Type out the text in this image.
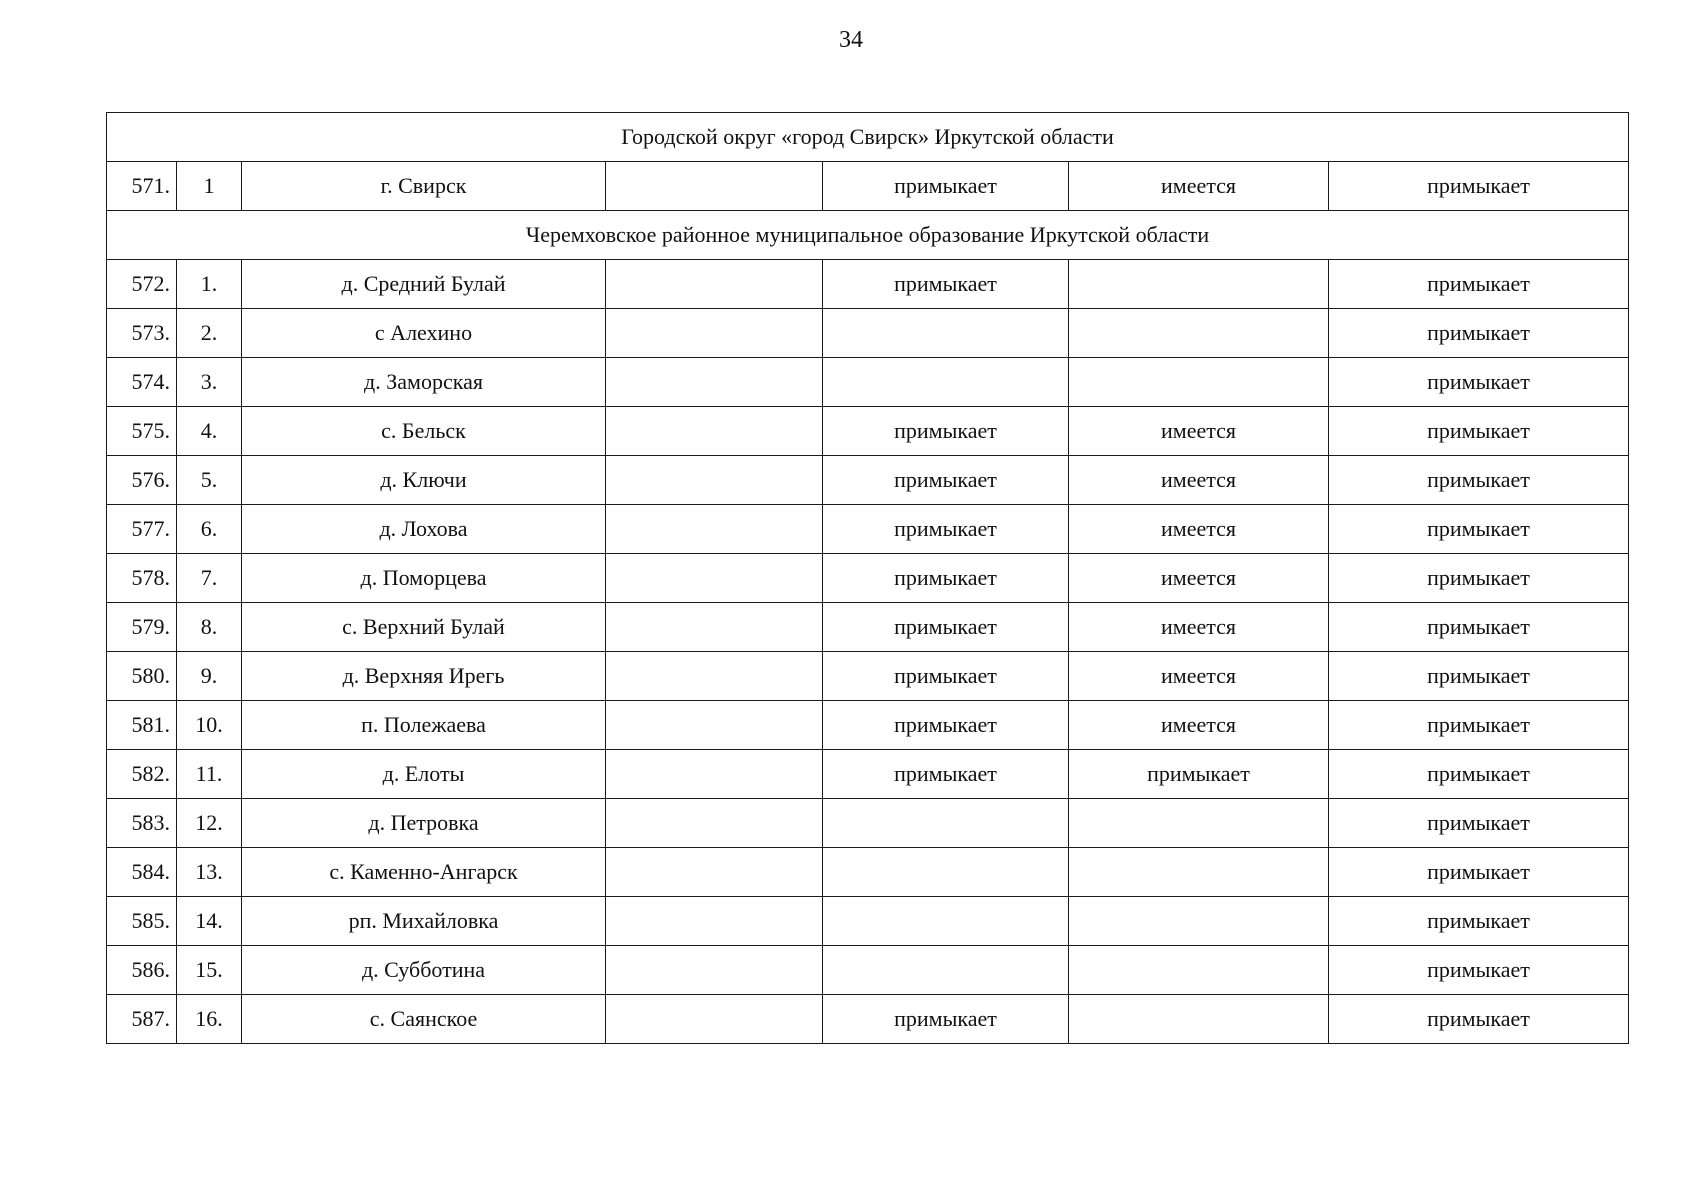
34
Городской округ «город Свирск» Иркутской области						
571.	1	г. Свирск		примыкает	имеется	примыкает
Черемховское районное муниципальное образование Иркутской области						
572.	1.	д. Средний Булай		примыкает		примыкает
573.	2.	с Алехино				примыкает
574.	3.	д. Заморская				примыкает
575.	4.	с. Бельск		примыкает	имеется	примыкает
576.	5.	д. Ключи		примыкает	имеется	примыкает
577.	6.	д. Лохова		примыкает	имеется	примыкает
578.	7.	д. Поморцева		примыкает	имеется	примыкает
579.	8.	с. Верхний Булай		примыкает	имеется	примыкает
580.	9.	д. Верхняя Ирегь		примыкает	имеется	примыкает
581.	10.	п. Полежаева		примыкает	имеется	примыкает
582.	11.	д. Елоты		примыкает	примыкает	примыкает
583.	12.	д. Петровка				примыкает
584.	13.	с. Каменно-Ангарск				примыкает
585.	14.	рп. Михайловка				примыкает
586.	15.	д. Субботина				примыкает
587.	16.	с. Саянское		примыкает		примыкает
